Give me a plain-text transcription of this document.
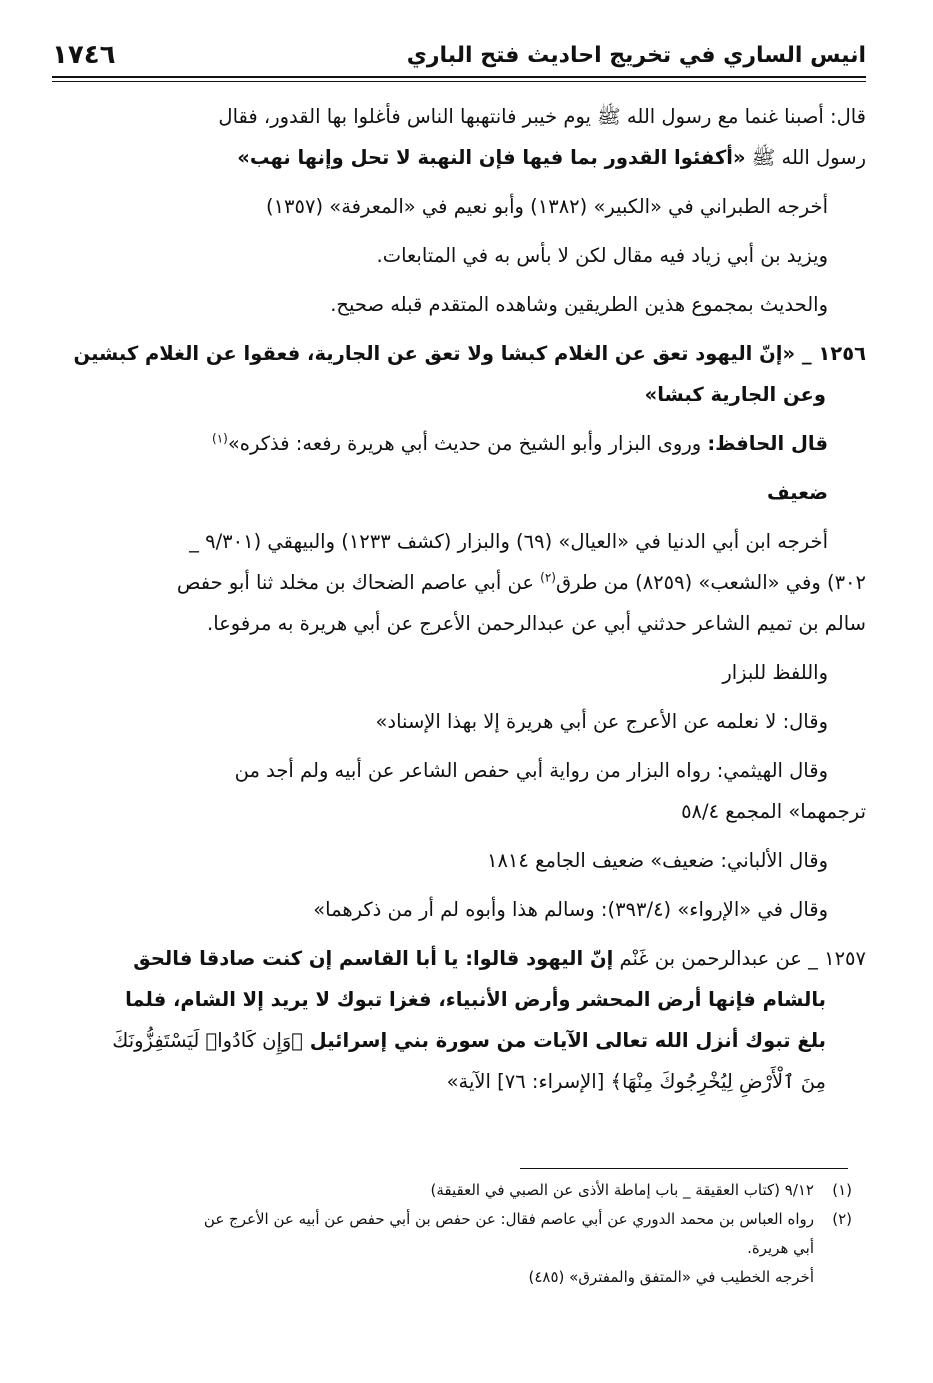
١٧٤٦	انيس الساري في تخريج احاديث فتح الباري
قال: أصبنا غنما مع رسول الله ﷺ يوم خيبر فانتهبها الناس فأغلوا بها القدور، فقال
رسول الله ﷺ «أكفئوا القدور بما فيها فإن النهبة لا تحل وإنها نهب»
أخرجه الطبراني في «الكبير» (١٣٨٢) وأبو نعيم في «المعرفة» (١٣٥٧)
ويزيد بن أبي زياد فيه مقال لكن لا بأس به في المتابعات.
والحديث بمجموع هذين الطريقين وشاهده المتقدم قبله صحيح.
١٢٥٦ _ «إنّ اليهود تعق عن الغلام كبشا ولا تعق عن الجارية، فعقوا عن الغلام كبشين
وعن الجارية كبشا»
قال الحافظ: وروى البزار وأبو الشيخ من حديث أبي هريرة رفعه: فذكره»$^{(١)}$
ضعيف
أخرجه ابن أبي الدنيا في «العيال» (٦٩) والبزار (كشف ١٢٣٣) والبيهقي (٩/٣٠١ _
٣٠٢) وفي «الشعب» (٨٢٥٩) من طرق$^{(٢)}$ عن أبي عاصم الضحاك بن مخلد ثنا أبو حفص
سالم بن تميم الشاعر حدثني أبي عن عبدالرحمن الأعرج عن أبي هريرة به مرفوعا.
واللفظ للبزار
وقال: لا نعلمه عن الأعرج عن أبي هريرة إلا بهذا الإسناد»
وقال الهيثمي: رواه البزار من رواية أبي حفص الشاعر عن أبيه ولم أجد من
ترجمهما» المجمع ٥٨/٤
وقال الألباني: ضعيف» ضعيف الجامع ١٨١٤
وقال في «الإرواء» (٣٩٣/٤): وسالم هذا وأبوه لم أر من ذكرهما»
١٢٥٧ _ عن عبدالرحمن بن غَنْم إنّ اليهود قالوا: يا أبا القاسم إن كنت صادقا فالحق
بالشام فإنها أرض المحشر وأرض الأنبياء، فغزا تبوك لا يريد إلا الشام، فلما
بلغ تبوك أنزل الله تعالى الآيات من سورة بني إسرائيل ﴿وَإِن كَادُوا۟ لَيَسْتَفِزُّونَكَ
مِنَ ٱلْأَرْضِ لِيُخْرِجُوكَ مِنْهَا﴾ [الإسراء: ٧٦] الآية»
(١)
٩/١٢ (كتاب العقيقة _ باب إماطة الأذى عن الصبي في العقيقة)
(٢)
رواه العباس بن محمد الدوري عن أبي عاصم فقال: عن حفص بن أبي حفص عن أبيه عن الأعرج عن
أبي هريرة.
أخرجه الخطيب في «المتفق والمفترق» (٤٨٥)
